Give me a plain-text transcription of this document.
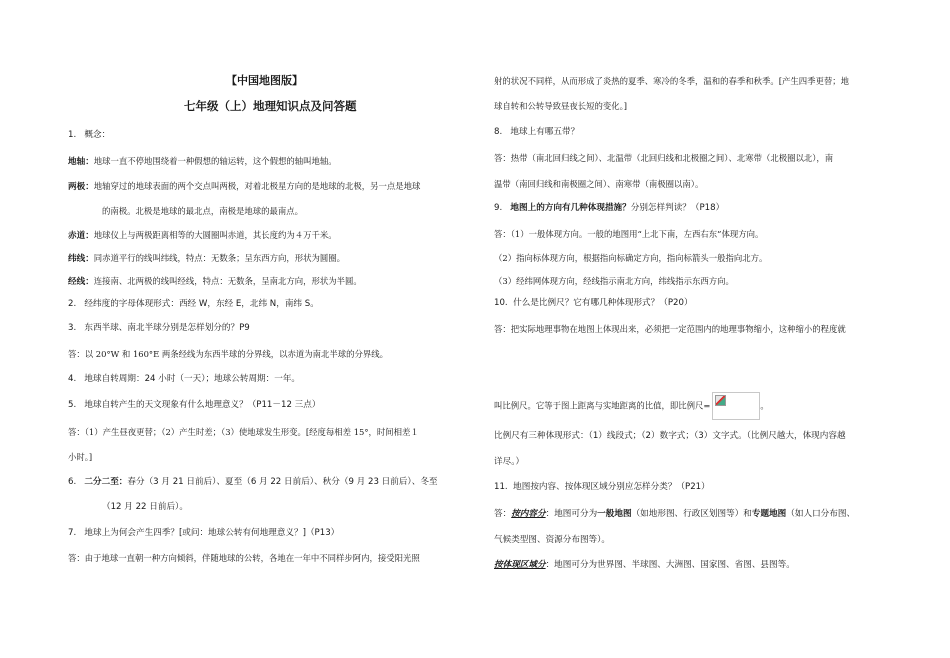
【中国地图版】
七年级（上）地理知识点及问答题
1. 概念：
地轴：地球一直不停地围绕着一种假想的轴运转，这个假想的轴叫地轴。
两极：地轴穿过的地球表面的两个交点叫两极，对着北极星方向的是地球的北极，另一点是地球
的南极。北极是地球的最北点，南极是地球的最南点。
赤道：地球仪上与两极距离相等的大圆圈叫赤道，其长度约为４万千米。
纬线：同赤道平行的线叫纬线，特点：无数条；呈东西方向，形状为圆圈。
经线：连接南、北两极的线叫经线，特点：无数条，呈南北方向，形状为半圆。
2. 经纬度的字母体现形式：西经 W，东经 E，北纬 N，南纬 S。
3. 东西半球、南北半球分别是怎样划分的？P9
答：以 20°W 和 160°E 两条经线为东西半球的分界线，以赤道为南北半球的分界线。
4. 地球自转周期：24 小时（一天）；地球公转周期：一年。
5. 地球自转产生的天文现象有什么地理意义？（P11－12 三点）
答：（1）产生昼夜更替；（2）产生时差；（3）使地球发生形变。[经度每相差 15°，时间相差１
小时。]
6. 二分二至：春分（3 月 21 日前后）、夏至（6 月 22 日前后）、秋分（9 月 23 日前后）、冬至
（12 月 22 日前后）。
7. 地球上为何会产生四季？[或问：地球公转有何地理意义？]（P13）
答：由于地球一直朝一种方向倾斜，伴随地球的公转，各地在一年中不同样步阿内，接受阳光照
射的状况不同样，从而形成了炎热的夏季、寒冷的冬季，温和的春季和秋季。[产生四季更替；地
球自转和公转导致昼夜长短的变化。]
8. 地球上有哪五带？
答：热带（南北回归线之间）、北温带（北回归线和北极圈之间）、北寒带（北极圈以北），南
温带（南回归线和南极圈之间）、南寒带（南极圈以南）。
9. 地图上的方向有几种体现措施？分别怎样判读？（P18）
答：（1）一般体现方向。一般的地图用“上北下南，左西右东”体现方向。
（2）指向标体现方向，根据指向标确定方向，指向标箭头一般指向北方。
（3）经纬网体现方向，经线指示南北方向，纬线指示东西方向。
10. 什么是比例尺？它有哪几种体现形式？（P20）
答：把实际地理事物在地图上体现出来，必须把一定范围内的地理事物缩小，这种缩小的程度就
叫比例尺。它等于图上距离与实地距离的比值，即比例尺=	。
比例尺有三种体现形式：（1）线段式；（2）数字式；（3）文字式。（比例尺越大，体现内容越
详尽。）
11. 地图按内容、按体现区域分别应怎样分类？（P21）
答：按内容分：地图可分为一般地图（如地形图、行政区划图等）和专题地图（如人口分布图、
气候类型图、资源分布图等）。
按体现区域分：地图可分为世界图、半球图、大洲图、国家图、省图、县图等。
